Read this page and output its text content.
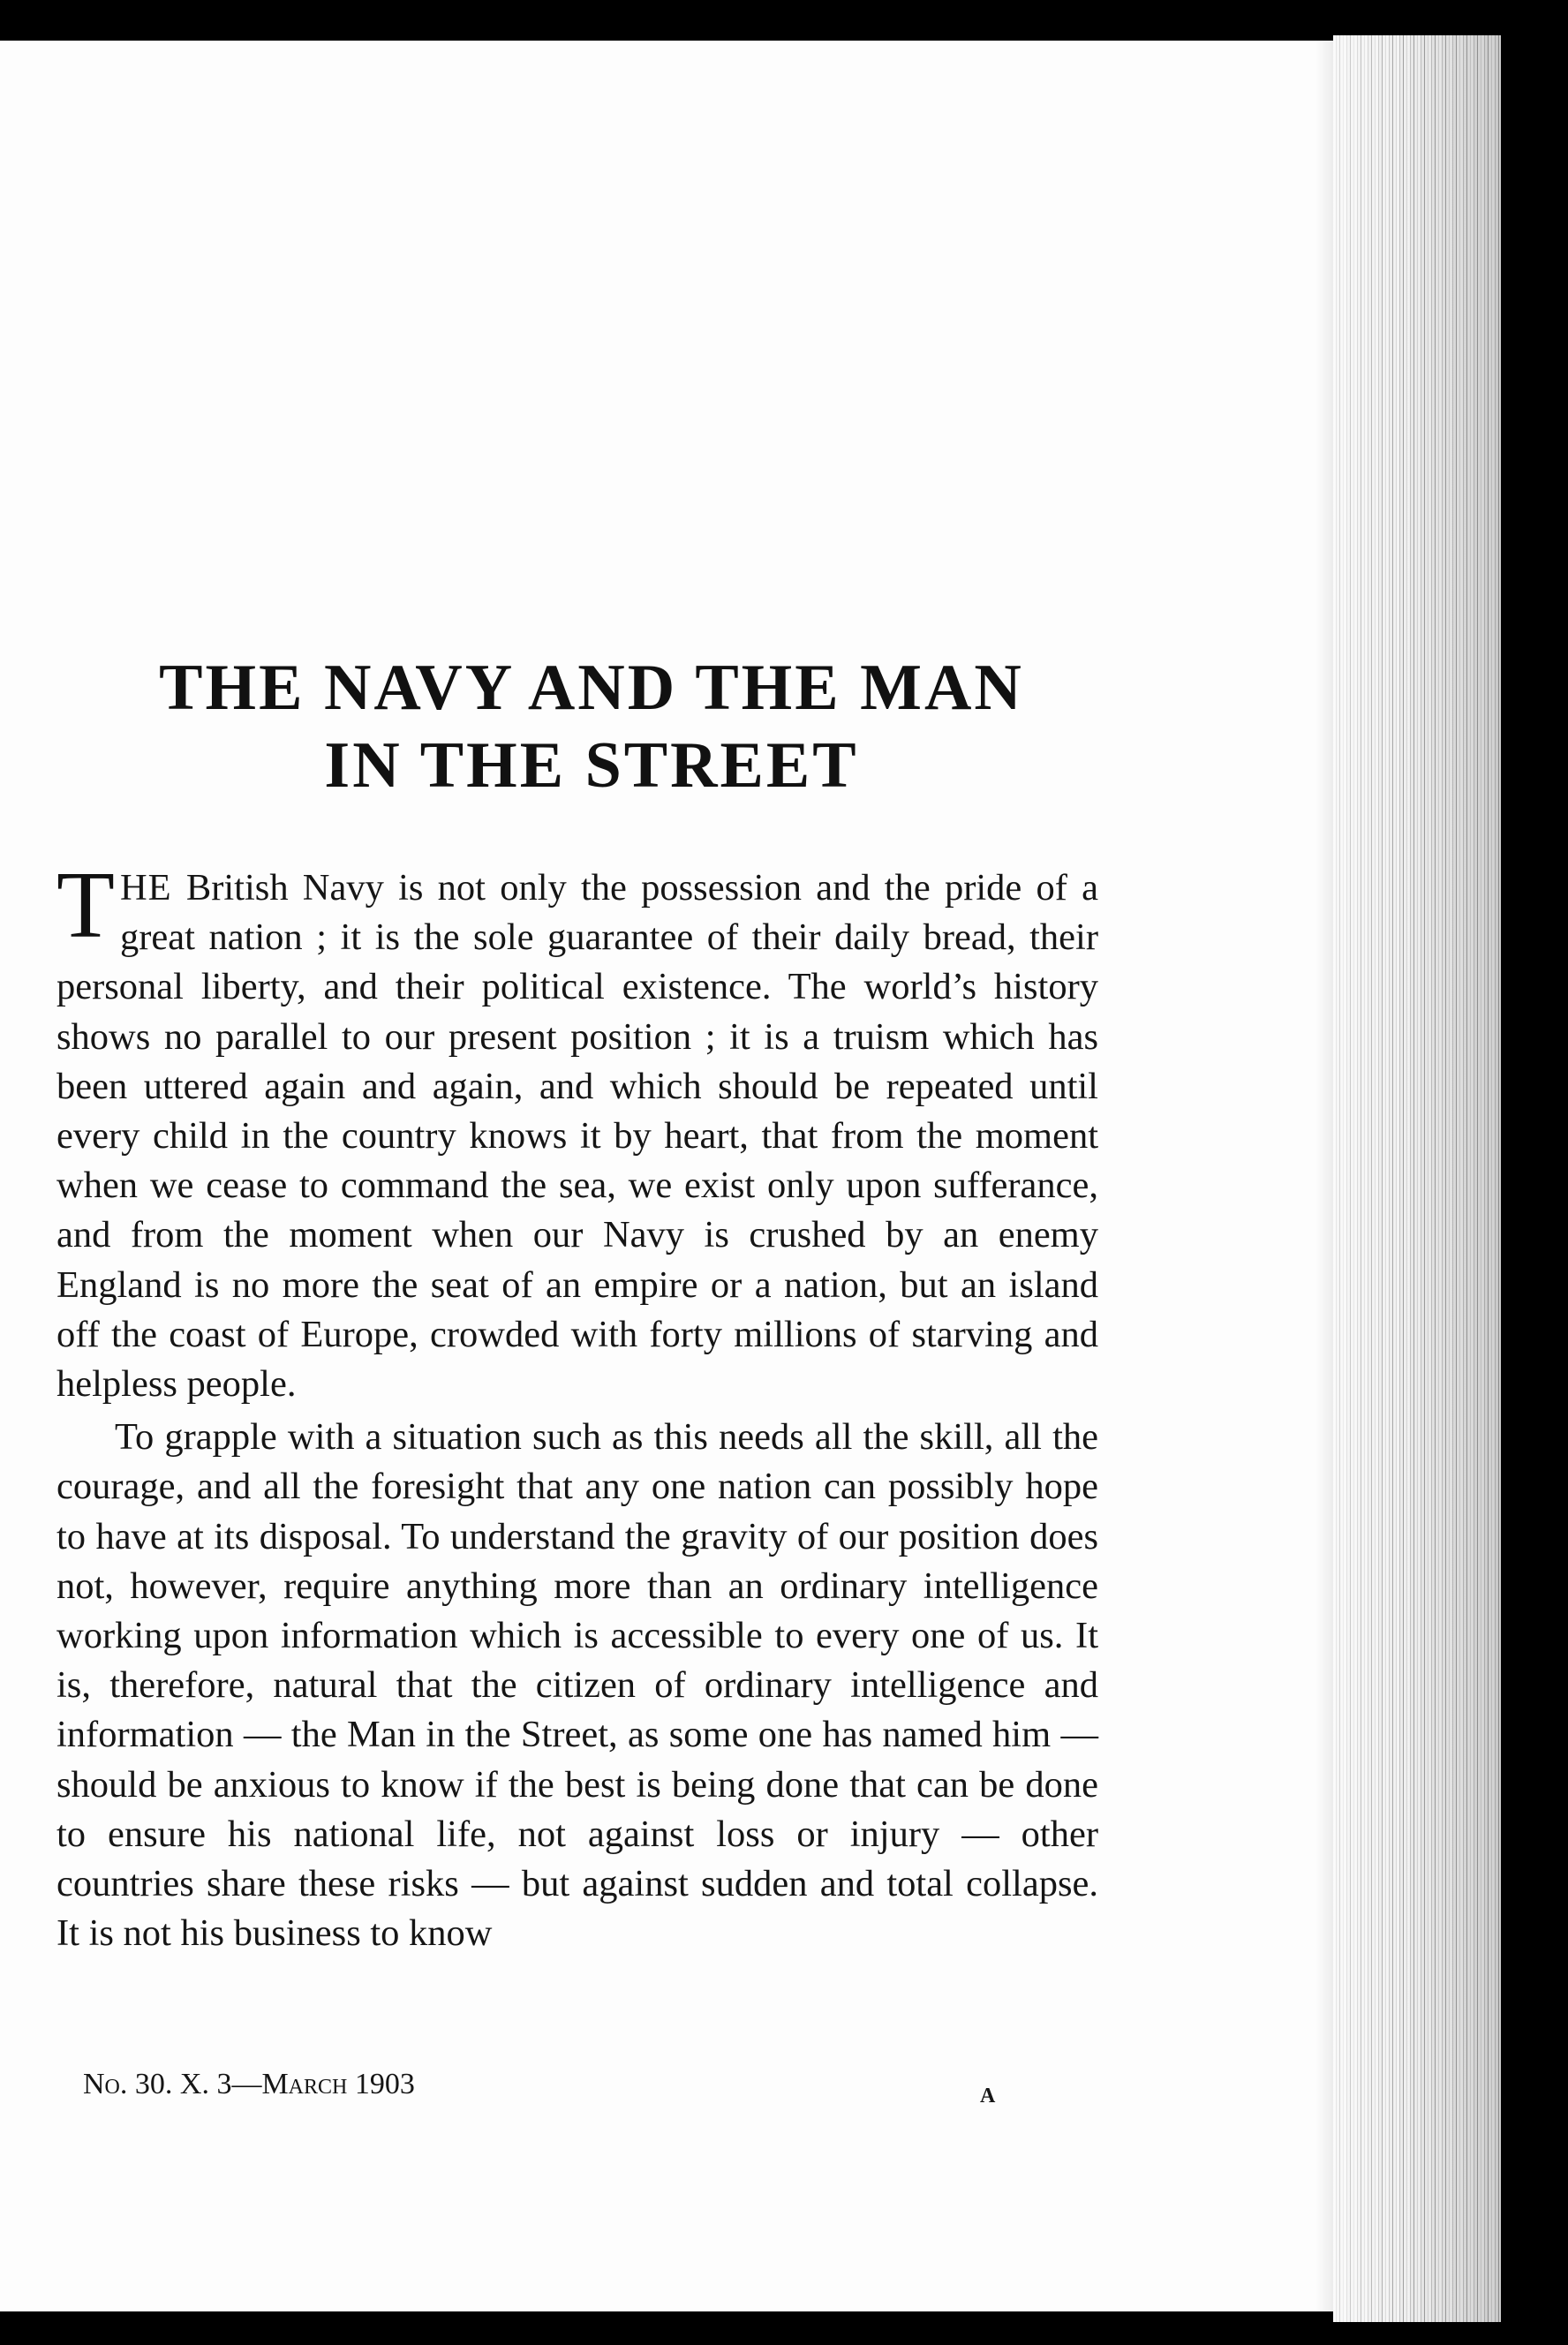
THE NAVY AND THE MAN
IN THE STREET

THE British Navy is not only the possession and the pride of a great nation ; it is the sole guarantee of their daily bread, their personal liberty, and their political existence. The world’s history shows no parallel to our present position ; it is a truism which has been uttered again and again, and which should be repeated until every child in the country knows it by heart, that from the moment when we cease to command the sea, we exist only upon sufferance, and from the moment when our Navy is crushed by an enemy England is no more the seat of an empire or a nation, but an island off the coast of Europe, crowded with forty millions of starving and helpless people.

To grapple with a situation such as this needs all the skill, all the courage, and all the foresight that any one nation can possibly hope to have at its disposal. To understand the gravity of our position does not, however, require anything more than an ordinary intelligence working upon information which is accessible to every one of us. It is, therefore, natural that the citizen of ordinary intelligence and information — the Man in the Street, as some one has named him — should be anxious to know if the best is being done that can be done to ensure his national life, not against loss or injury — other countries share these risks — but against sudden and total collapse. It is not his business to know

No. 30. X. 3—March 1903	A
